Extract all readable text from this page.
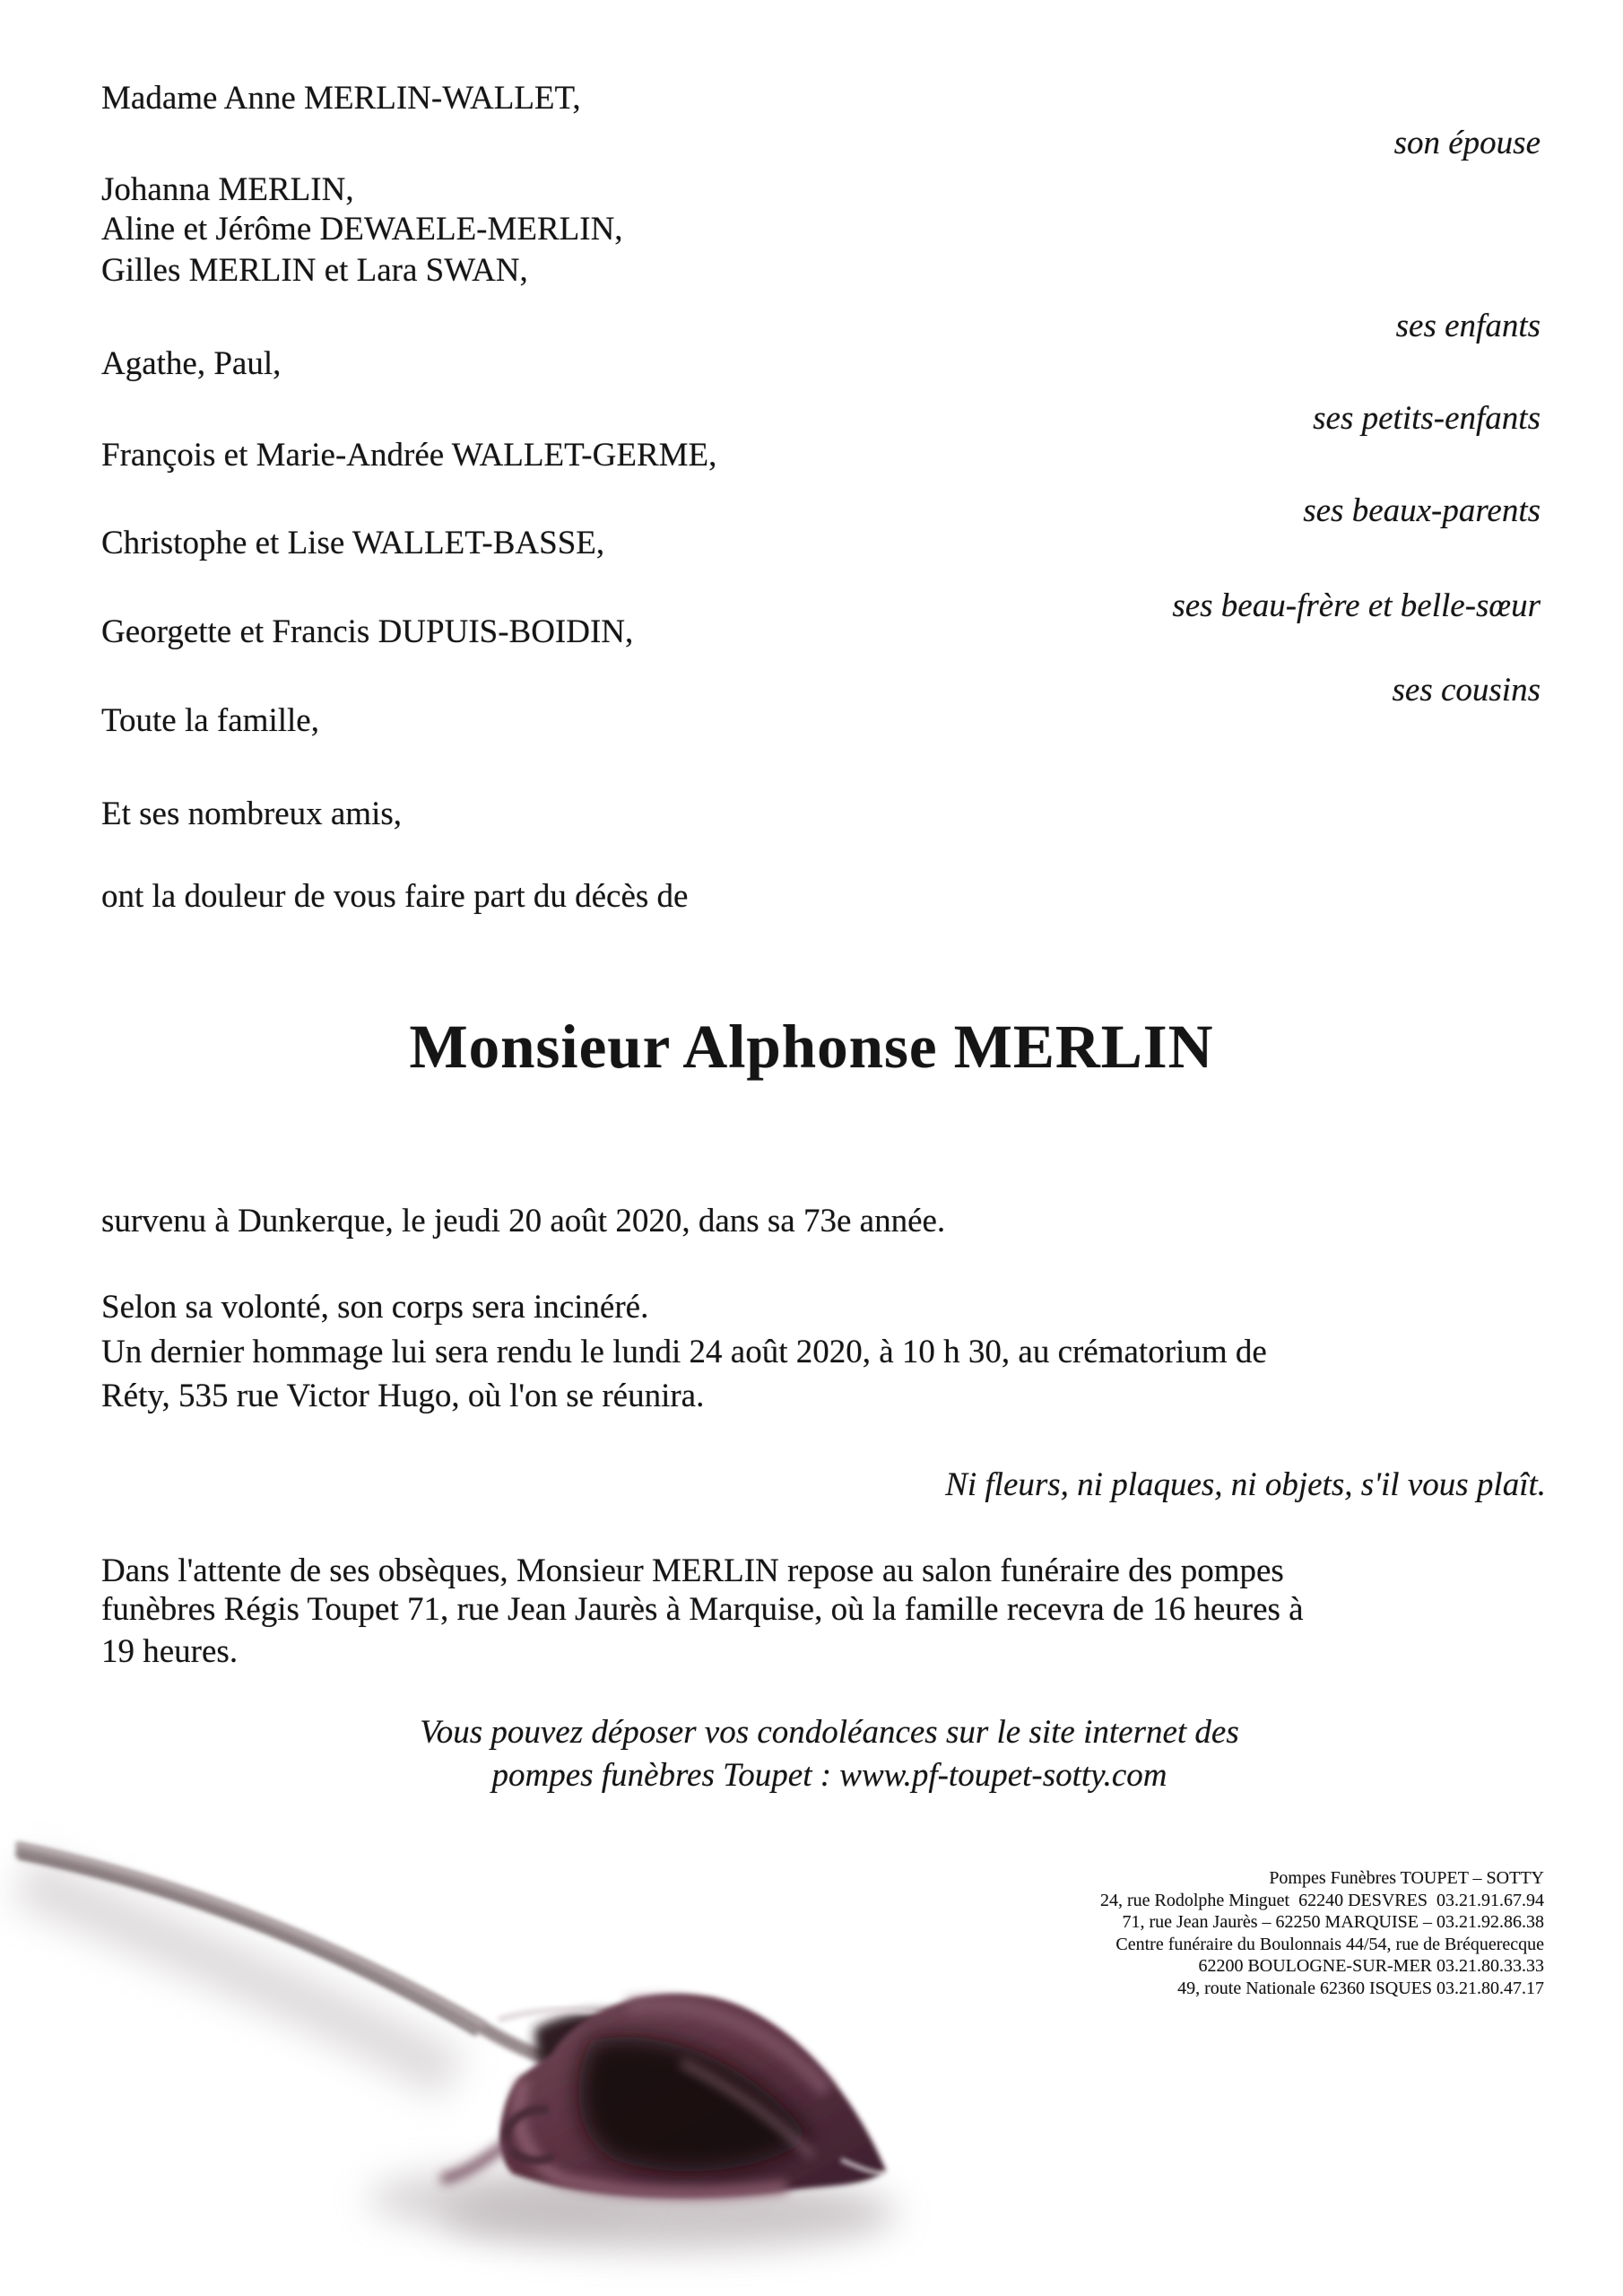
Madame Anne MERLIN-WALLET,
Johanna MERLIN,
Aline et Jérôme DEWAELE-MERLIN,
Gilles MERLIN et Lara SWAN,
Agathe, Paul,
François et Marie-Andrée WALLET-GERME,
Christophe et Lise WALLET-BASSE,
Georgette et Francis DUPUIS-BOIDIN,
Toute la famille,
Et ses nombreux amis,
ont la douleur de vous faire part du décès de
son épouse
ses enfants
ses petits-enfants
ses beaux-parents
ses beau-frère et belle-sœur
ses cousins
Monsieur Alphonse MERLIN
survenu à Dunkerque, le jeudi 20 août 2020, dans sa 73e année.
Selon sa volonté, son corps sera incinéré.
Un dernier hommage lui sera rendu le lundi 24 août 2020, à 10 h 30, au crématorium de
Réty, 535 rue Victor Hugo, où l'on se réunira.
Ni fleurs, ni plaques, ni objets, s'il vous plaît.
Dans l'attente de ses obsèques, Monsieur MERLIN repose au salon funéraire des pompes
funèbres Régis Toupet 71, rue Jean Jaurès à Marquise, où la famille recevra de 16 heures à
19 heures.
Vous pouvez déposer vos condoléances sur le site internet des
pompes funèbres Toupet : www.pf-toupet-sotty.com
Pompes Funèbres TOUPET – SOTTY
24, rue Rodolphe Minguet  62240 DESVRES  03.21.91.67.94
71, rue Jean Jaurès – 62250 MARQUISE – 03.21.92.86.38
Centre funéraire du Boulonnais 44/54, rue de Bréquerecque
62200 BOULOGNE-SUR-MER 03.21.80.33.33
49, route Nationale 62360 ISQUES 03.21.80.47.17
